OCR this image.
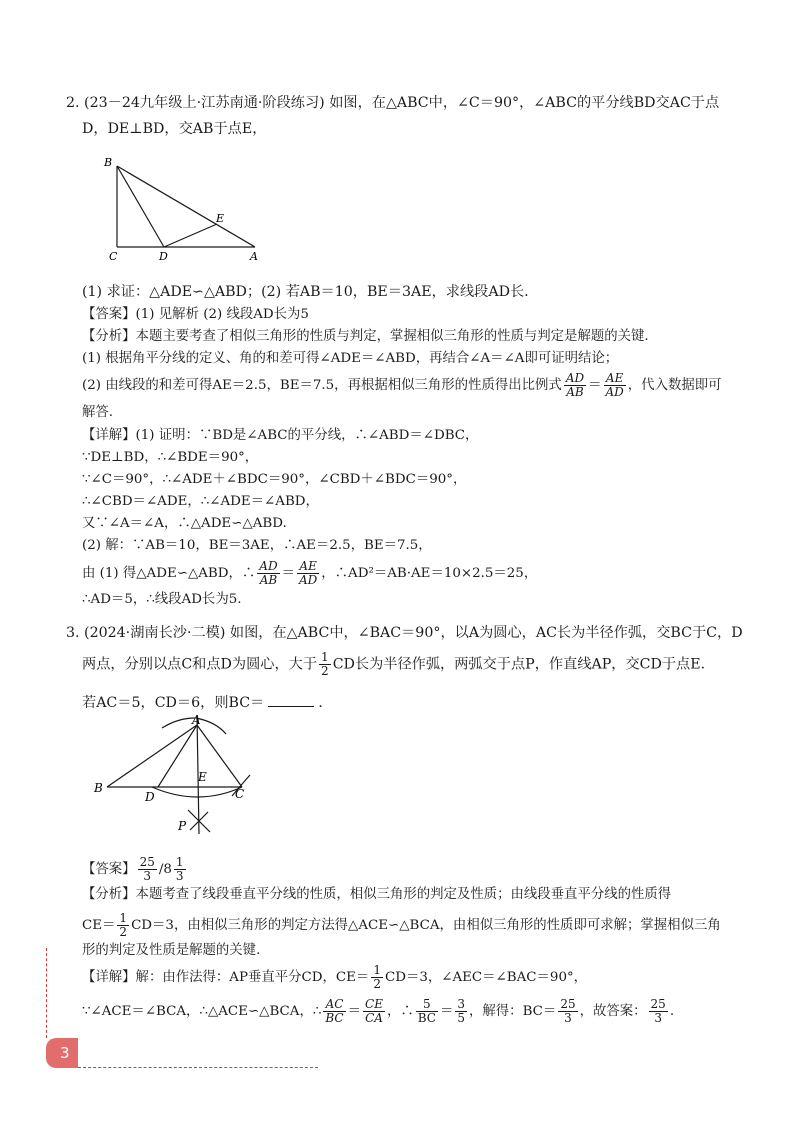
2. (23－24九年级上·江苏南通·阶段练习) 如图，在△ABC中，∠C＝90°，∠ABC的平分线BD交AC于点
D，DE⊥BD，交AB于点E，
B
E
C	D	A
(1) 求证：△ADE∽△ABD；(2) 若AB＝10，BE＝3AE，求线段AD长.
【答案】(1) 见解析 (2) 线段AD长为5
【分析】本题主要考查了相似三角形的性质与判定，掌握相似三角形的性质与判定是解题的关键.
(1) 根据角平分线的定义、角的和差可得∠ADE＝∠ABD，再结合∠A＝∠A即可证明结论；
(2) 由线段的和差可得AE＝2.5，BE＝7.5，再根据相似三角形的性质得出比例式 $\frac{AD}{AB} = \frac{AE}{AD}$ ，代入数据即可
解答.
【详解】(1) 证明：∵BD是∠ABC的平分线，∴∠ABD＝∠DBC，
∵DE⊥BD，∴∠BDE＝90°，
∵∠C＝90°，∴∠ADE＋∠BDC＝90°，∠CBD＋∠BDC＝90°，
∴∠CBD＝∠ADE，∴∠ADE＝∠ABD，
又∵∠A＝∠A，∴△ADE∽△ABD.
(2) 解：∵AB＝10，BE＝3AE，∴AE＝2.5，BE＝7.5，
由 (1) 得△ADE∽△ABD，∴ $\frac{AD}{AB} = \frac{AE}{AD}$ ，∴AD²＝AB·AE＝10×2.5＝25，
∴AD＝5，∴线段AD长为5.
3. (2024·湖南长沙·二模) 如图，在△ABC中，∠BAC＝90°，以A为圆心，AC长为半径作弧，交BC于C，D
两点，分别以点C和点D为圆心，大于 $\frac{1}{2}$ CD长为半径作弧，两弧交于点P，作直线AP，交CD于点E.
若AC＝5，CD＝6，则BC＝	.
A
B
D
E
C
P
【答案】 $\frac{25}{3} /8 \frac{1}{3}$
【分析】本题考查了线段垂直平分线的性质，相似三角形的判定及性质；由线段垂直平分线的性质得
$CE= \frac{1}{2} CD=3$，由相似三角形的判定方法得△ACE∽△BCA，由相似三角形的性质即可求解；掌握相似三角
形的判定及性质是解题的关键.
【详解】解：由作法得：AP垂直平分CD，$CE= \frac{1}{2} CD=3$，∠AEC＝∠BAC＝90°，
∵∠ACE＝∠BCA，∴△ACE∽△BCA，∴ $\frac{AC}{BC} = \frac{CE}{CA}$ ，∴ $\frac{5}{BC} = \frac{3}{5}$ ，解得：$BC= \frac{25}{3}$ ，故答案： $\frac{25}{3}$ .
3
